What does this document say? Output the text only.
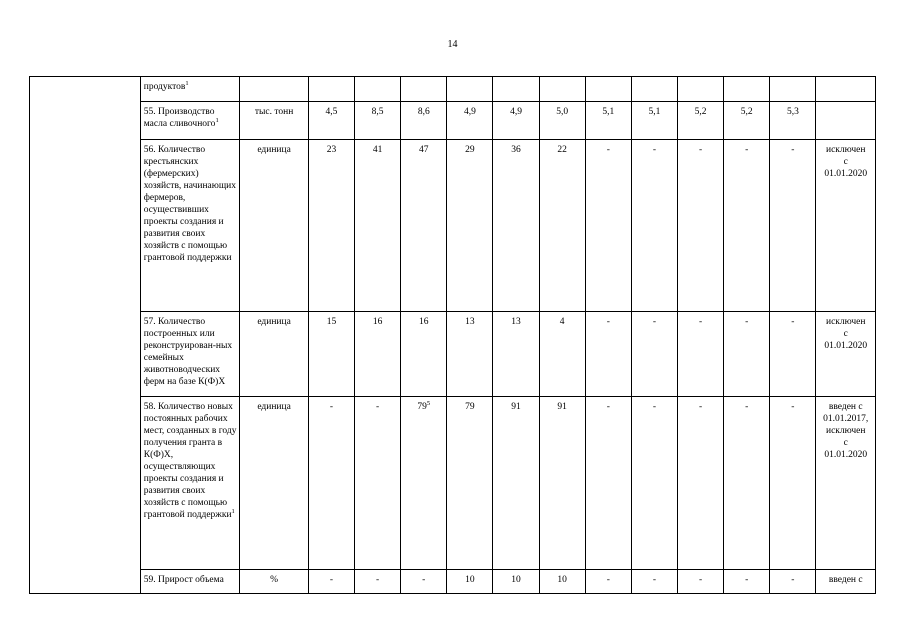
14
	продуктов$^1$													
	55. Производство масла сливочного$^1$	тыс. тонн	4,5	8,5	8,6	4,9	4,9	5,0	5,1	5,1	5,2	5,2	5,3	
	56. Количество крестьянских (фермерских) хозяйств, начинающих фермеров, осуществивших проекты создания и развития своих хозяйств с помощью грантовой поддержки	единица	23	41	47	29	36	22	-	-	-	-	-	исключен
с
01.01.2020

	57. Количество построенных или реконструирован-ных семейных животноводческих ферм на базе К(Ф)Х	единица	15	16	16	13	13	4	-	-	-	-	-	исключен
с
01.01.2020

	58. Количество новых постоянных рабочих мест, созданных в году получения гранта в К(Ф)Х, осуществляющих проекты создания и развития своих хозяйств с помощью грантовой поддержки$^1$	единица	-	-	$79^5$	79	91	91	-	-	-	-	-	введен с
01.01.2017,
исключен
с
01.01.2020

	59. Прирост объема	%	-	-	-	10	10	10	-	-	-	-	-	введен с
